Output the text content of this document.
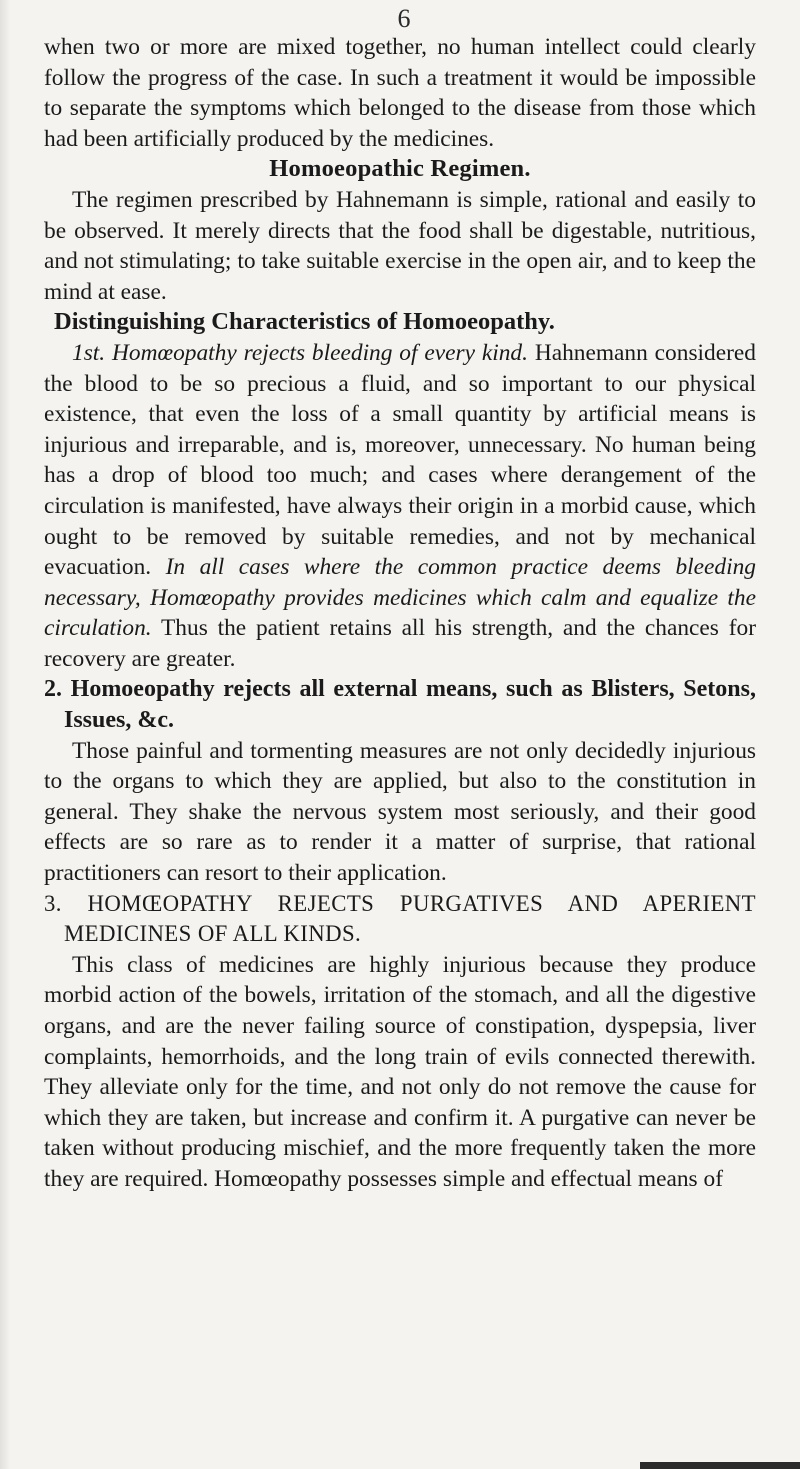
6

when two or more are mixed together, no human intellect could clearly follow the progress of the case. In such a treatment it would be impossible to separate the symptoms which belonged to the disease from those which had been artificially produced by the medicines.

Homoeopathic Regimen.

The regimen prescribed by Hahnemann is simple, rational and easily to be observed. It merely directs that the food shall be digestable, nutritious, and not stimulating; to take suitable exercise in the open air, and to keep the mind at ease.

Distinguishing Characteristics of Homoeopathy.

1st. Homœopathy rejects bleeding of every kind. Hahnemann considered the blood to be so precious a fluid, and so important to our physical existence, that even the loss of a small quantity by artificial means is injurious and irreparable, and is, moreover, unnecessary. No human being has a drop of blood too much; and cases where derangement of the circulation is manifested, have always their origin in a morbid cause, which ought to be removed by suitable remedies, and not by mechanical evacuation. In all cases where the common practice deems bleeding necessary, Homœopathy provides medicines which calm and equalize the circulation. Thus the patient retains all his strength, and the chances for recovery are greater.

2. Homoeopathy rejects all external means, such as Blisters, Setons, Issues, &c.

Those painful and tormenting measures are not only decidedly injurious to the organs to which they are applied, but also to the constitution in general. They shake the nervous system most seriously, and their good effects are so rare as to render it a matter of surprise, that rational practitioners can resort to their application.

3. HOMŒOPATHY REJECTS PURGATIVES AND APERIENT MEDICINES OF ALL KINDS.

This class of medicines are highly injurious because they produce morbid action of the bowels, irritation of the stomach, and all the digestive organs, and are the never failing source of constipation, dyspepsia, liver complaints, hemorrhoids, and the long train of evils connected therewith. They alleviate only for the time, and not only do not remove the cause for which they are taken, but increase and confirm it. A purgative can never be taken without producing mischief, and the more frequently taken the more they are required. Homœopathy possesses simple and effectual means of
